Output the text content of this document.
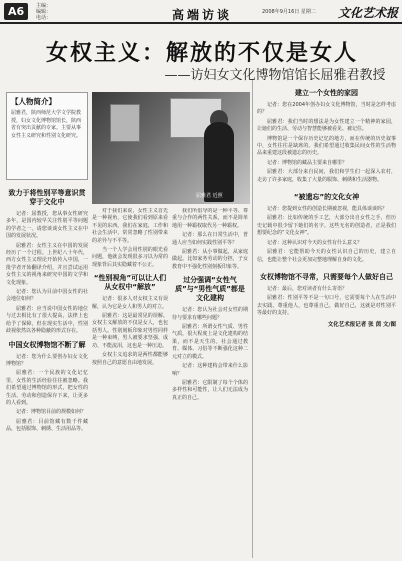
A6	主编：
编辑：
电话：	高端访谈	2008年9月16日 星期二 文化艺术报
女权主义：解放的不仅是女人
——访妇女文化博物馆馆长屈雅君教授
【人物简介】
屈雅君，陕西师范大学文学院教授，妇女文化博物馆馆长，陕西省有突出贡献的专家。主要从事女性主义研究和性别文化研究。
屈雅君 近照
致力于将性别平等意识贯穿于文化中

记者：屈教授，您从事女性研究多年，是国内较早关注性别平等问题的学者之一。请您谈谈女性主义在中国的发展状况。

屈雅君：女性主义在中国的发展经历了一个过程。上世纪八十年代，西方女性主义理论开始传入中国，一批学者开始翻译介绍，并且尝试运用女性主义的视角来研究中国的文学和文化现象。

记者：您认为目前中国女性的社会地位如何？

屈雅君：应当说中国女性的地位与过去相比有了很大提高，法律上也给予了保障，但在现实生活中，性别歧视依然以各种隐蔽的形式存在。

中国女权博物馆不断了解

记者：您为什么要创办妇女文化博物馆？

屈雅君：一个民族的文化记忆里，女性的生活经验往往被忽略。我们希望通过博物馆的形式，把女性的生活、劳动和创造保存下来，让更多的人看到。

记者：博物馆目前的规模如何？

屈雅君：目前馆藏有数千件藏品，包括服饰、刺绣、生活用品等。

对于我们来说，女性主义首先是一种视角，它使我们看到原来看不见的东西。我们在家庭、工作和社会生活中，常常忽略了性别带来的差异与不平等。

当一个人学会用性别的眼光看问题，他就会发现很多习以为常的现象背后其实隐藏着不公正。

“性别视角”可以让人们从女权中“解放”

记者：很多人对女权主义有误解，认为它是女人和男人的对立。

屈雅君：这是最常见的误解。女权主义解放的不仅是女人，也包括男人。性别刻板印象对男性同样是一种束缚，男人被要求坚强、成功、不能流泪，这也是一种压迫。

女权主义追求的是两性都能够按照自己的意愿自由地发展。

我们所倡导的是一种平等、尊重与合作的两性关系，而不是简单地用一种霸权取代另一种霸权。

记者：那么在日常生活中，普通人应当如何实践性别平等？

屈雅君：从小事做起，从家庭做起。比如家务劳动的分担，子女教育中不强化性别刻板印象等。

过分强调“女性气质”与“男性气质”都是文化建构

记者：您认为社会对女性的期待与要求有哪些问题？

屈雅君：所谓女性气质、男性气质，很大程度上是文化建构的结果，而不是天生的。社会通过教育、媒体、习俗等不断强化这种二元对立的模式。

记者：这种建构会带来什么影响？

屈雅君：它限制了每个个体的多样性和可能性，让人们无法成为真正的自己。

建立一个女性的家园

记者：您在2004年创办妇女文化博物馆，当时是怎样考虑的？

屈雅君：我们当时的想法是为女性建立一个精神的家园，让她们的生活、劳动与智慧能够被看见、被记住。

博物馆是一个保存历史记忆的地方，而在传统的历史叙事中，女性往往是缺席的。我们希望通过收集民间女性的生活物品来重建这段被遗忘的历史。

记者：博物馆的藏品主要来自哪里？

屈雅君：大部分来自民间，我们和学生们一起深入农村，走访了许多家庭，收集了大量的服饰、刺绣和生活器物。

“被遗忘”的文化女神

记者：您提到女性的创造长期被忽视，能具体谈谈吗？

屈雅君：比如传统的手工艺，大部分出自女性之手，但历史记载中很少留下她们的名字。这些无名的创造者，正是我们想要纪念的“文化女神”。

记者：这种认识对今天的女性有什么意义？

屈雅君：它能帮助今天的女性认识自己的历史，建立自信，也能让整个社会更加完整地理解自身的文化。

女权博物馆不寻常，只需要每个人做好自己

记者：最后，您对读者有什么寄语？

屈雅君：性别平等不是一句口号，它需要每个人在生活中去实践。尊重他人，也尊重自己，做好自己，这就是对性别平等最好的支持。

文化艺术报记者 张 茵 文/图
